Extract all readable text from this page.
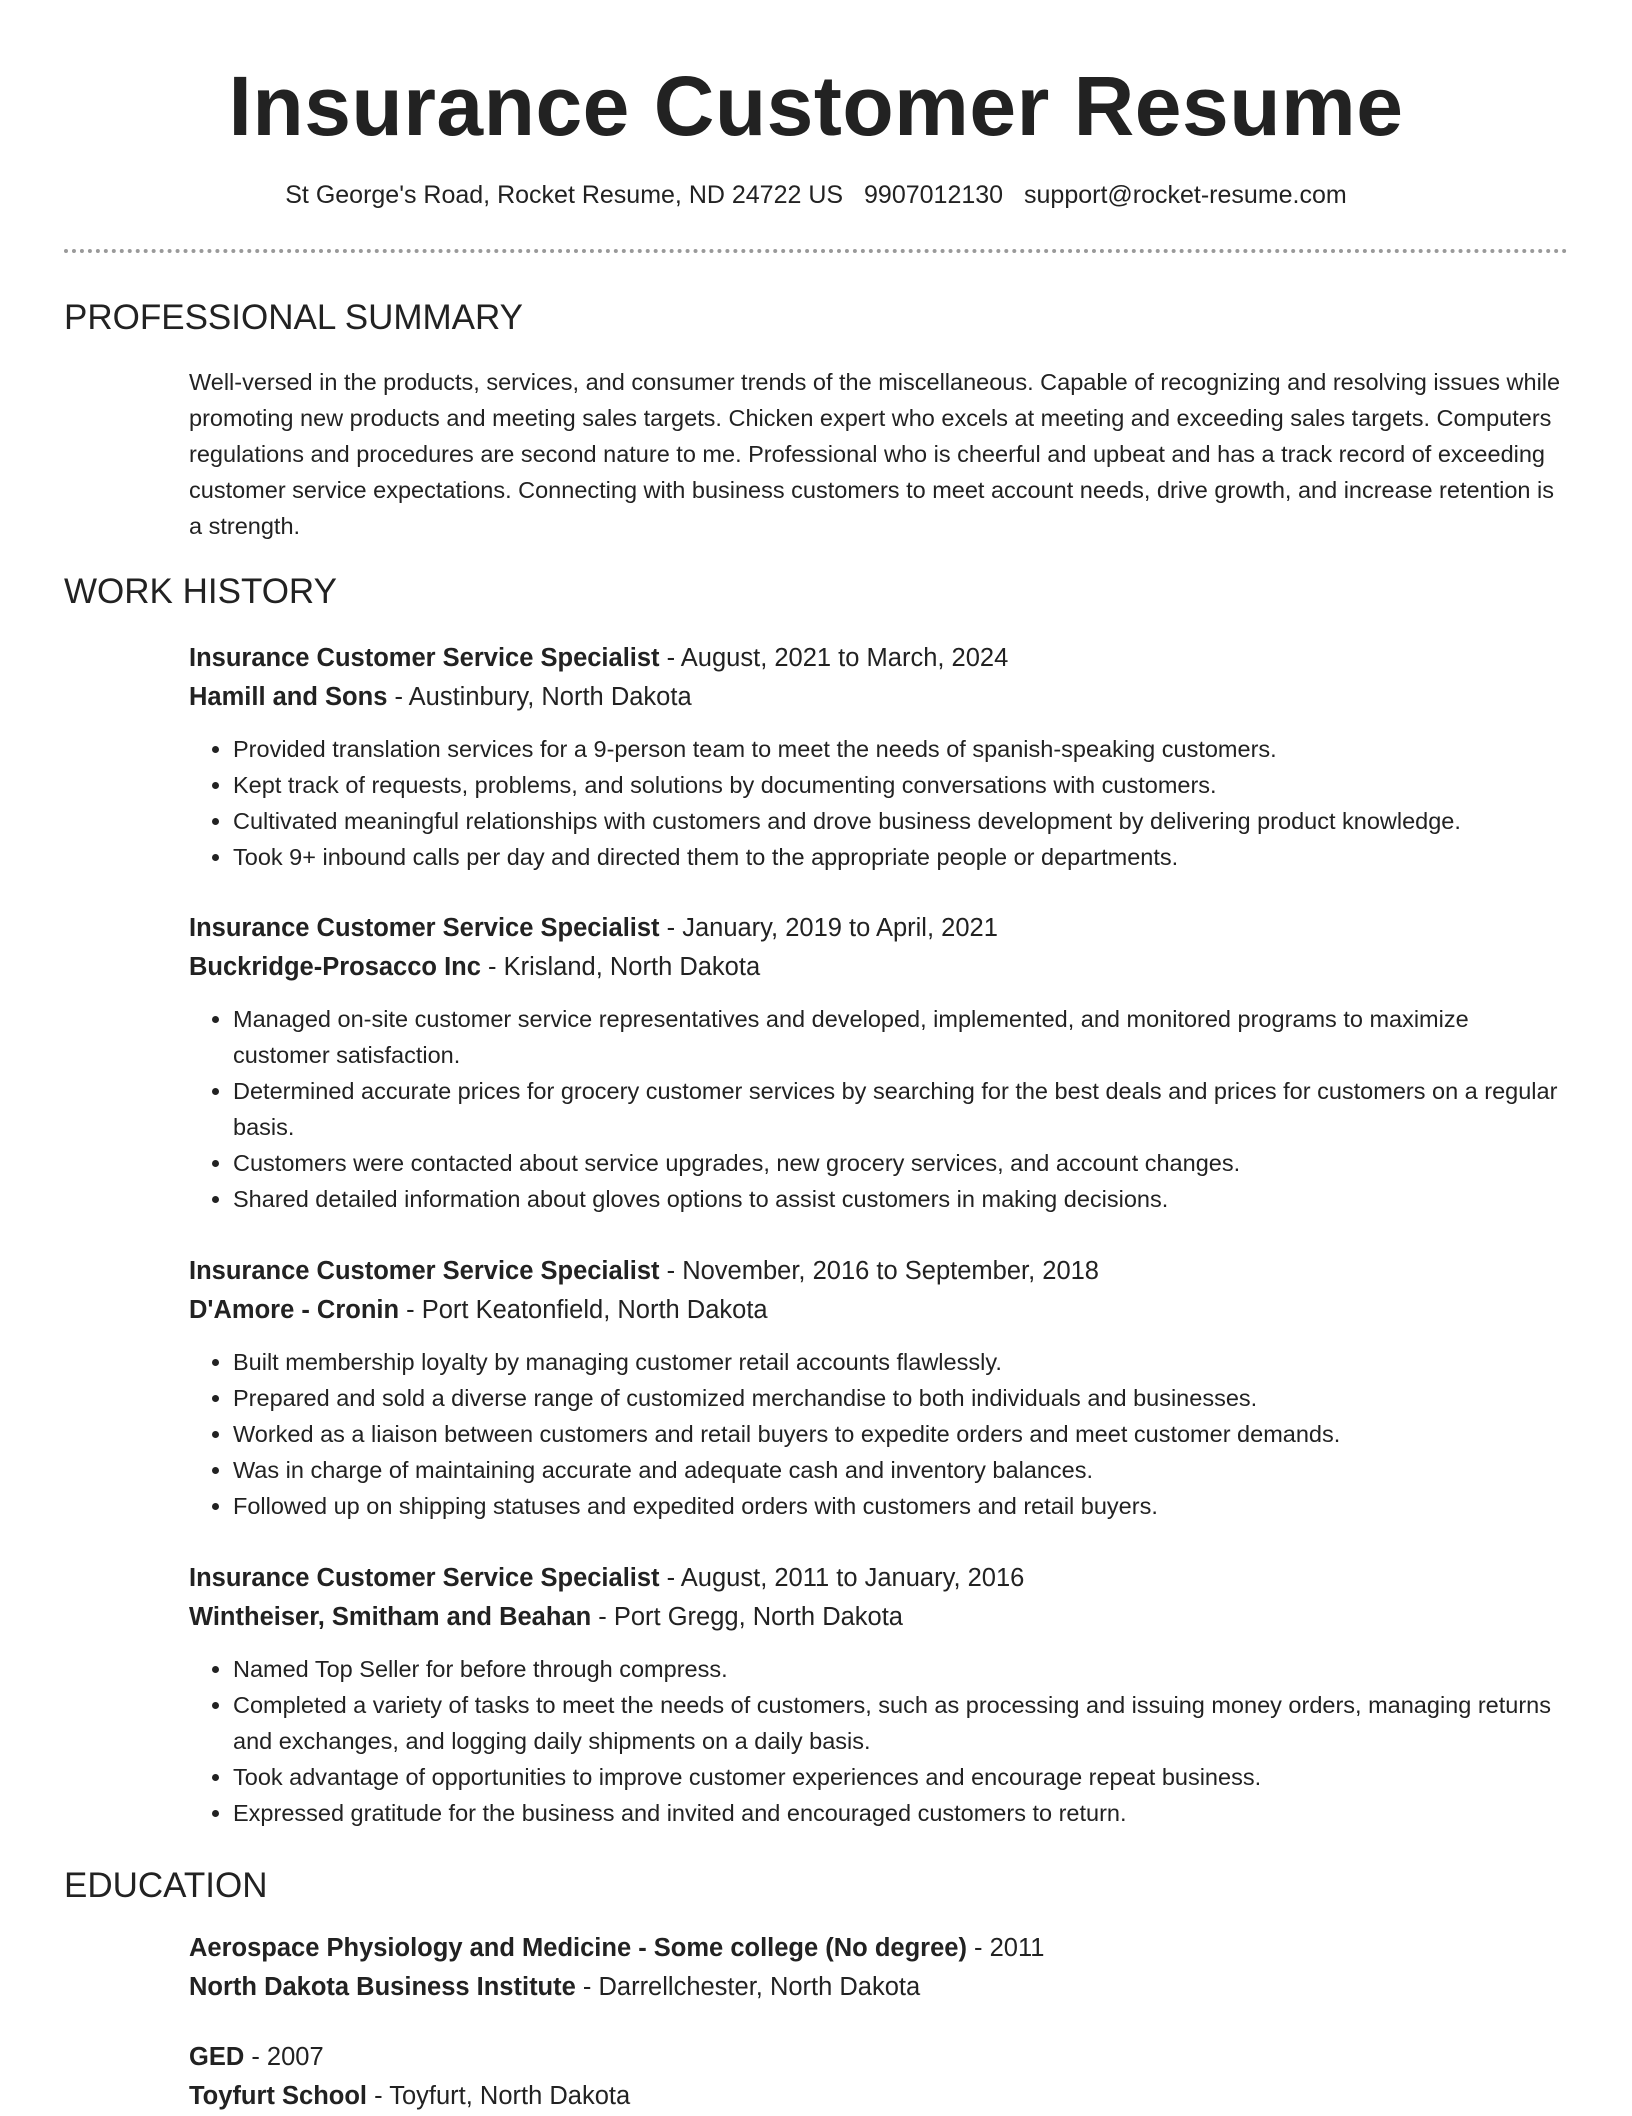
Insurance Customer Resume
St George's Road, Rocket Resume, ND 24722 US 9907012130 support@rocket-resume.com
PROFESSIONAL SUMMARY

Well-versed in the products, services, and consumer trends of the miscellaneous. Capable of recognizing and resolving issues while promoting new products and meeting sales targets. Chicken expert who excels at meeting and exceeding sales targets. Computers regulations and procedures are second nature to me. Professional who is cheerful and upbeat and has a track record of exceeding customer service expectations. Connecting with business customers to meet account needs, drive growth, and increase retention is a strength.

WORK HISTORY
Insurance Customer Service Specialist - August, 2021 to March, 2024
Hamill and Sons - Austinbury, North Dakota
• Provided translation services for a 9-person team to meet the needs of spanish-speaking customers.
• Kept track of requests, problems, and solutions by documenting conversations with customers.
• Cultivated meaningful relationships with customers and drove business development by delivering product knowledge.
• Took 9+ inbound calls per day and directed them to the appropriate people or departments.
Insurance Customer Service Specialist - January, 2019 to April, 2021
Buckridge-Prosacco Inc - Krisland, North Dakota
• Managed on-site customer service representatives and developed, implemented, and monitored programs to maximize customer satisfaction.
• Determined accurate prices for grocery customer services by searching for the best deals and prices for customers on a regular basis.
• Customers were contacted about service upgrades, new grocery services, and account changes.
• Shared detailed information about gloves options to assist customers in making decisions.
Insurance Customer Service Specialist - November, 2016 to September, 2018
D'Amore - Cronin - Port Keatonfield, North Dakota
• Built membership loyalty by managing customer retail accounts flawlessly.
• Prepared and sold a diverse range of customized merchandise to both individuals and businesses.
• Worked as a liaison between customers and retail buyers to expedite orders and meet customer demands.
• Was in charge of maintaining accurate and adequate cash and inventory balances.
• Followed up on shipping statuses and expedited orders with customers and retail buyers.
Insurance Customer Service Specialist - August, 2011 to January, 2016
Wintheiser, Smitham and Beahan - Port Gregg, North Dakota
• Named Top Seller for before through compress.
• Completed a variety of tasks to meet the needs of customers, such as processing and issuing money orders, managing returns and exchanges, and logging daily shipments on a daily basis.
• Took advantage of opportunities to improve customer experiences and encourage repeat business.
• Expressed gratitude for the business and invited and encouraged customers to return.
EDUCATION
Aerospace Physiology and Medicine - Some college (No degree) - 2011
North Dakota Business Institute - Darrellchester, North Dakota
GED - 2007
Toyfurt School - Toyfurt, North Dakota
